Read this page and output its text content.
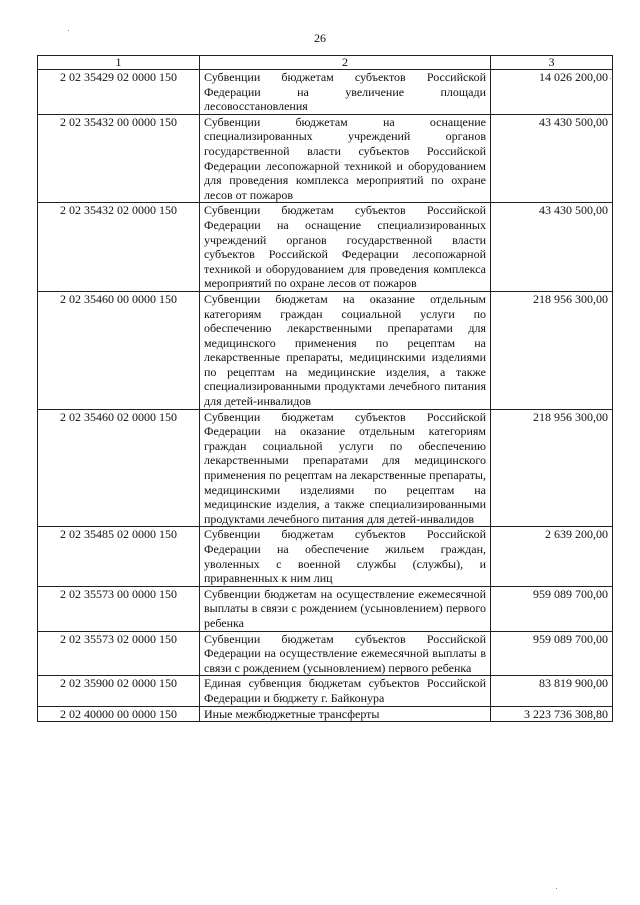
26
1	2	3
2 02 35429 02 0000 150	Субвенции бюджетам субъектов Российской Федерации на увеличение площади лесовосстановления	14 026 200,00
2 02 35432 00 0000 150	Субвенции бюджетам на оснащение специализированных учреждений органов государственной власти субъектов Российской Федерации лесопожарной техникой и оборудованием для проведения комплекса мероприятий по охране лесов от пожаров	43 430 500,00
2 02 35432 02 0000 150	Субвенции бюджетам субъектов Российской Федерации на оснащение специализированных учреждений органов государственной власти субъектов Российской Федерации лесопожарной техникой и оборудованием для проведения комплекса мероприятий по охране лесов от пожаров	43 430 500,00
2 02 35460 00 0000 150	Субвенции бюджетам на оказание отдельным категориям граждан социальной услуги по обеспечению лекарственными препаратами для медицинского применения по рецептам на лекарственные препараты, медицинскими изделиями по рецептам на медицинские изделия, а также специализированными продуктами лечебного питания для детей-инвалидов	218 956 300,00
2 02 35460 02 0000 150	Субвенции бюджетам субъектов Российской Федерации на оказание отдельным категориям граждан социальной услуги по обеспечению лекарственными препаратами для медицинского применения по рецептам на лекарственные препараты, медицинскими изделиями по рецептам на медицинские изделия, а также специализированными продуктами лечебного питания для детей-инвалидов	218 956 300,00
2 02 35485 02 0000 150	Субвенции бюджетам субъектов Российской Федерации на обеспечение жильем граждан, уволенных с военной службы (службы), и приравненных к ним лиц	2 639 200,00
2 02 35573 00 0000 150	Субвенции бюджетам на осуществление ежемесячной выплаты в связи с рождением (усыновлением) первого ребенка	959 089 700,00
2 02 35573 02 0000 150	Субвенции бюджетам субъектов Российской Федерации на осуществление ежемесячной выплаты в связи с рождением (усыновлением) первого ребенка	959 089 700,00
2 02 35900 02 0000 150	Единая субвенция бюджетам субъектов Российской Федерации и бюджету г. Байконура	83 819 900,00
2 02 40000 00 0000 150	Иные межбюджетные трансферты	3 223 736 308,80
